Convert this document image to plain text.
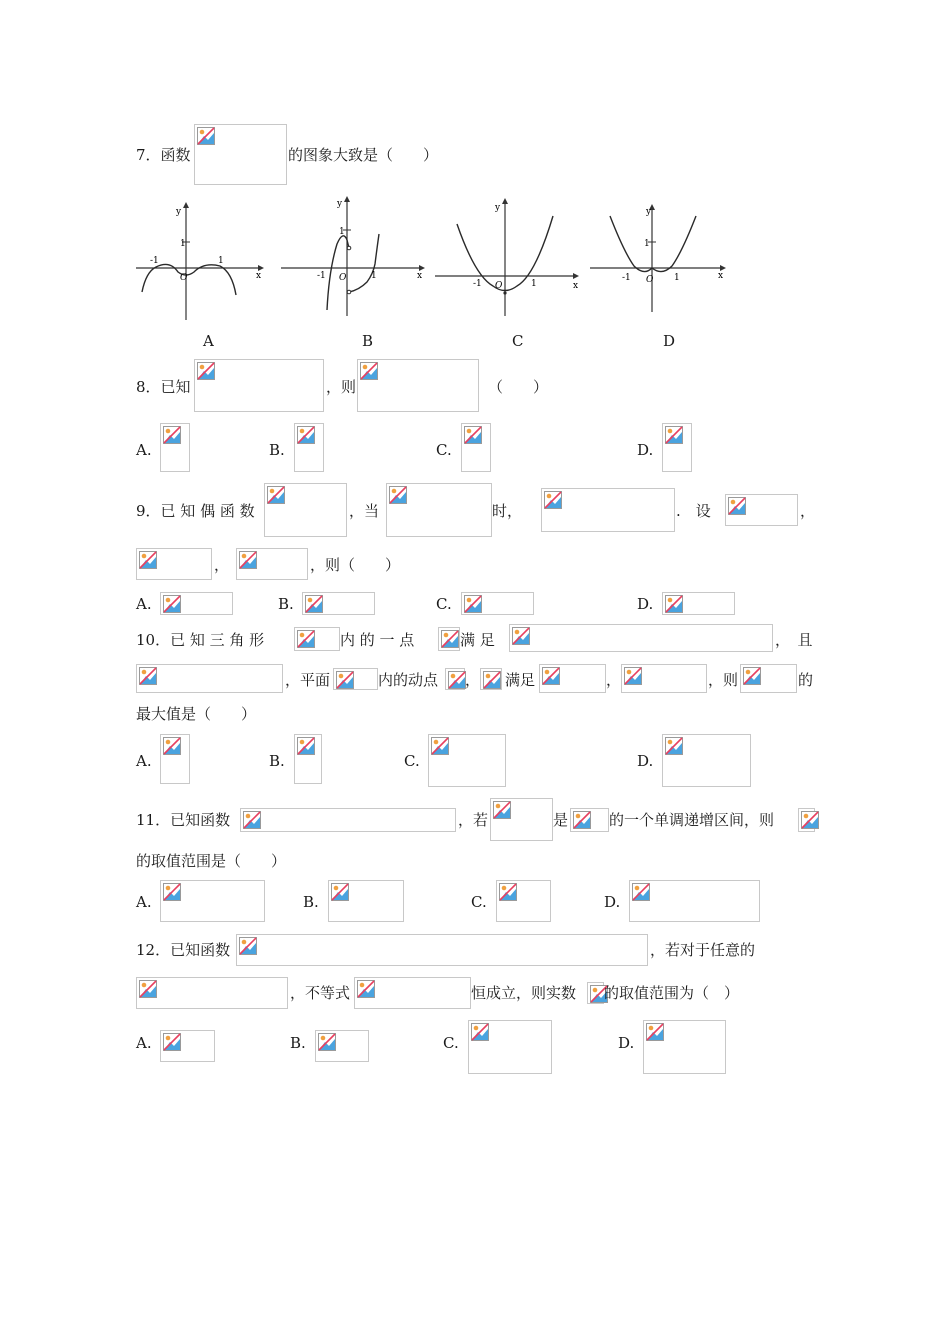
7．函数	的图象大致是（　　）
y
x
1
-1	1
O
A
y
x
1
-1	1
O
B
y
x
-1	1
O
C
y
x
1
-1	1
O
D
8．已知	，则	（　　）
A.	B.	C.	D.
9．已 知 偶 函 数	，当	时，	.　设	，
，	，则（　　）
A.	B.	C.	D.
10．已 知 三 角 形	内 的 一 点	满 足	，　且
，平面	内的动点 ， 满足	，	，则	的
最大值是（　　）
A.	B.	C.	D.
11．已知函数	，若	是	的一个单调递增区间，则
的取值范围是（　　）
A.	B.	C.	D.
12．已知函数	，若对于任意的
，不等式	恒成立，则实数 的取值范围为（　）
A.	B.	C.	D.
